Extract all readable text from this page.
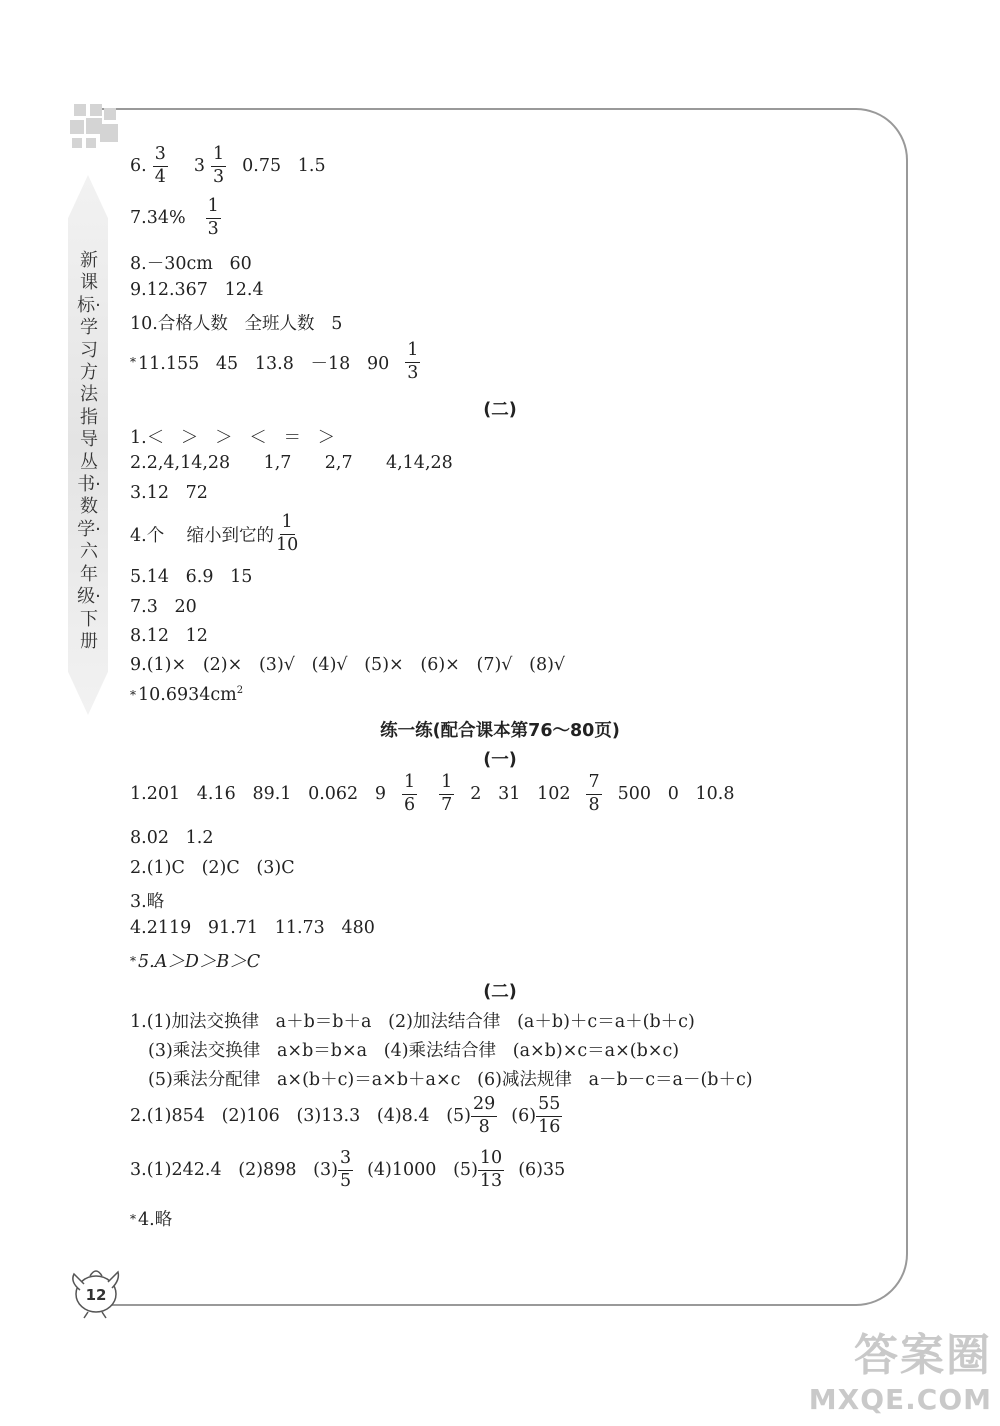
新课标·学习方法指导丛书·数学·六年级·下册
6. $\frac{3}{4} 3 \frac{1}{3} 0.75$   1.5
$7.34\% \frac{1}{3}$
8.－30cm   60
9.12.367   12.4
10.合格人数   全班人数   5
* 11.155   45   13.8   －18   $90 \frac{1}{3}$
(二)
1.＜   ＞   ＞   ＜   ＝   ＞
2.2,4,14,28      1,7      2,7      4,14,28
3.12   72
4.个    缩小到它的 $\frac{1}{10}$
5.14   6.9   15
7.3   20
8.12   12
9.(1)×   (2)×   (3)√   (4)√   (5)×   (6)×   (7)√   (8)√
* $10.6934cm^2$
练一练(配合课本第76～80页)
(一)
1.201   4.16   89.1   0.062   $9 \frac{1}{6} \frac{1}{7} 2$   31   $102 \frac{7}{8} 500$   0   10.8
8.02   1.2
2.(1)C   (2)C   (3)C
3.略
4.2119   91.71   11.73   480
* 5.A＞D＞B＞C
(二)
1.(1)加法交换律   a＋b＝b＋a   (2)加法结合律   (a＋b)＋c＝a＋(b＋c)
(3)乘法交换律   a×b＝b×a   (4)乘法结合律   (a×b)×c＝a×(b×c)
(5)乘法分配律   a×(b＋c)＝a×b＋a×c   (6)减法规律   a－b－c＝a－(b＋c)
2.(1)854   (2)106   (3)13.3   (4)8.4   $(5) \frac{29}{8} (6) \frac{55}{16}$
3.(1)242.4   (2)898   $(3) \frac{3}{5} (4)1000$   $(5) \frac{10}{13} (6)35$
* 4.略
12
答案圈
MXQE.COM
